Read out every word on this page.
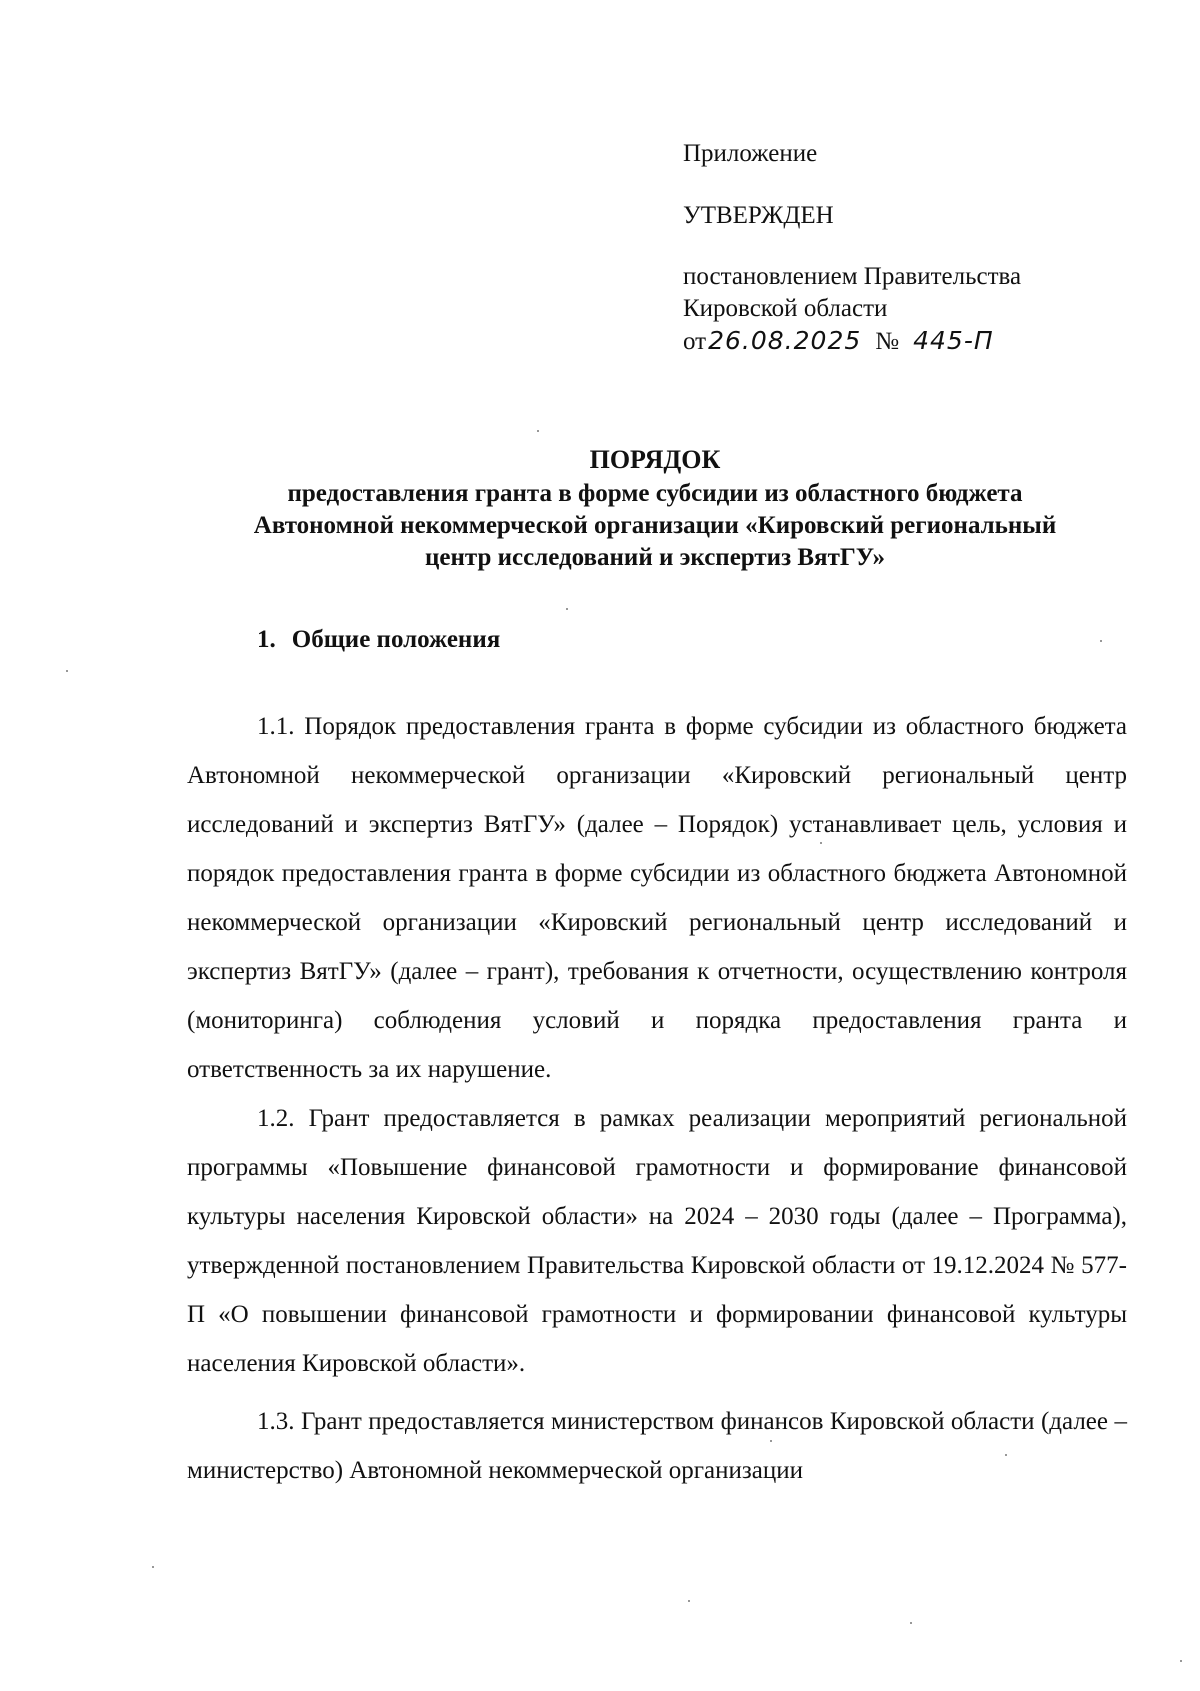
Приложение

УТВЕРЖДЕН

постановлением Правительства

Кировской области

от26.08.2025 № 445-П

ПОРЯДОК

предоставления гранта в форме субсидии из областного бюджета

Автономной некоммерческой организации «Кировский региональный

центр исследований и экспертиз ВятГУ»

1. Общие положения

1.1. Порядок предоставления гранта в форме субсидии из областного бюджета Автономной некоммерческой организации «Кировский региональный центр исследований и экспертиз ВятГУ» (далее – Порядок) устанавливает цель, условия и порядок предоставления гранта в форме субсидии из областного бюджета Автономной некоммерческой организации «Кировский региональный центр исследований и экспертиз ВятГУ» (далее – грант), требования к отчетности, осуществлению контроля (мониторинга) соблюдения условий и порядка предоставления гранта и ответственность за их нарушение.

1.2. Грант предоставляется в рамках реализации мероприятий региональной программы «Повышение финансовой грамотности и формирование финансовой культуры населения Кировской области» на 2024 – 2030 годы (далее – Программа), утвержденной постановлением Правительства Кировской области от 19.12.2024 № 577-П «О повышении финансовой грамотности и формировании финансовой культуры населения Кировской области».

1.3. Грант предоставляется министерством финансов Кировской области (далее – министерство) Автономной некоммерческой организации
